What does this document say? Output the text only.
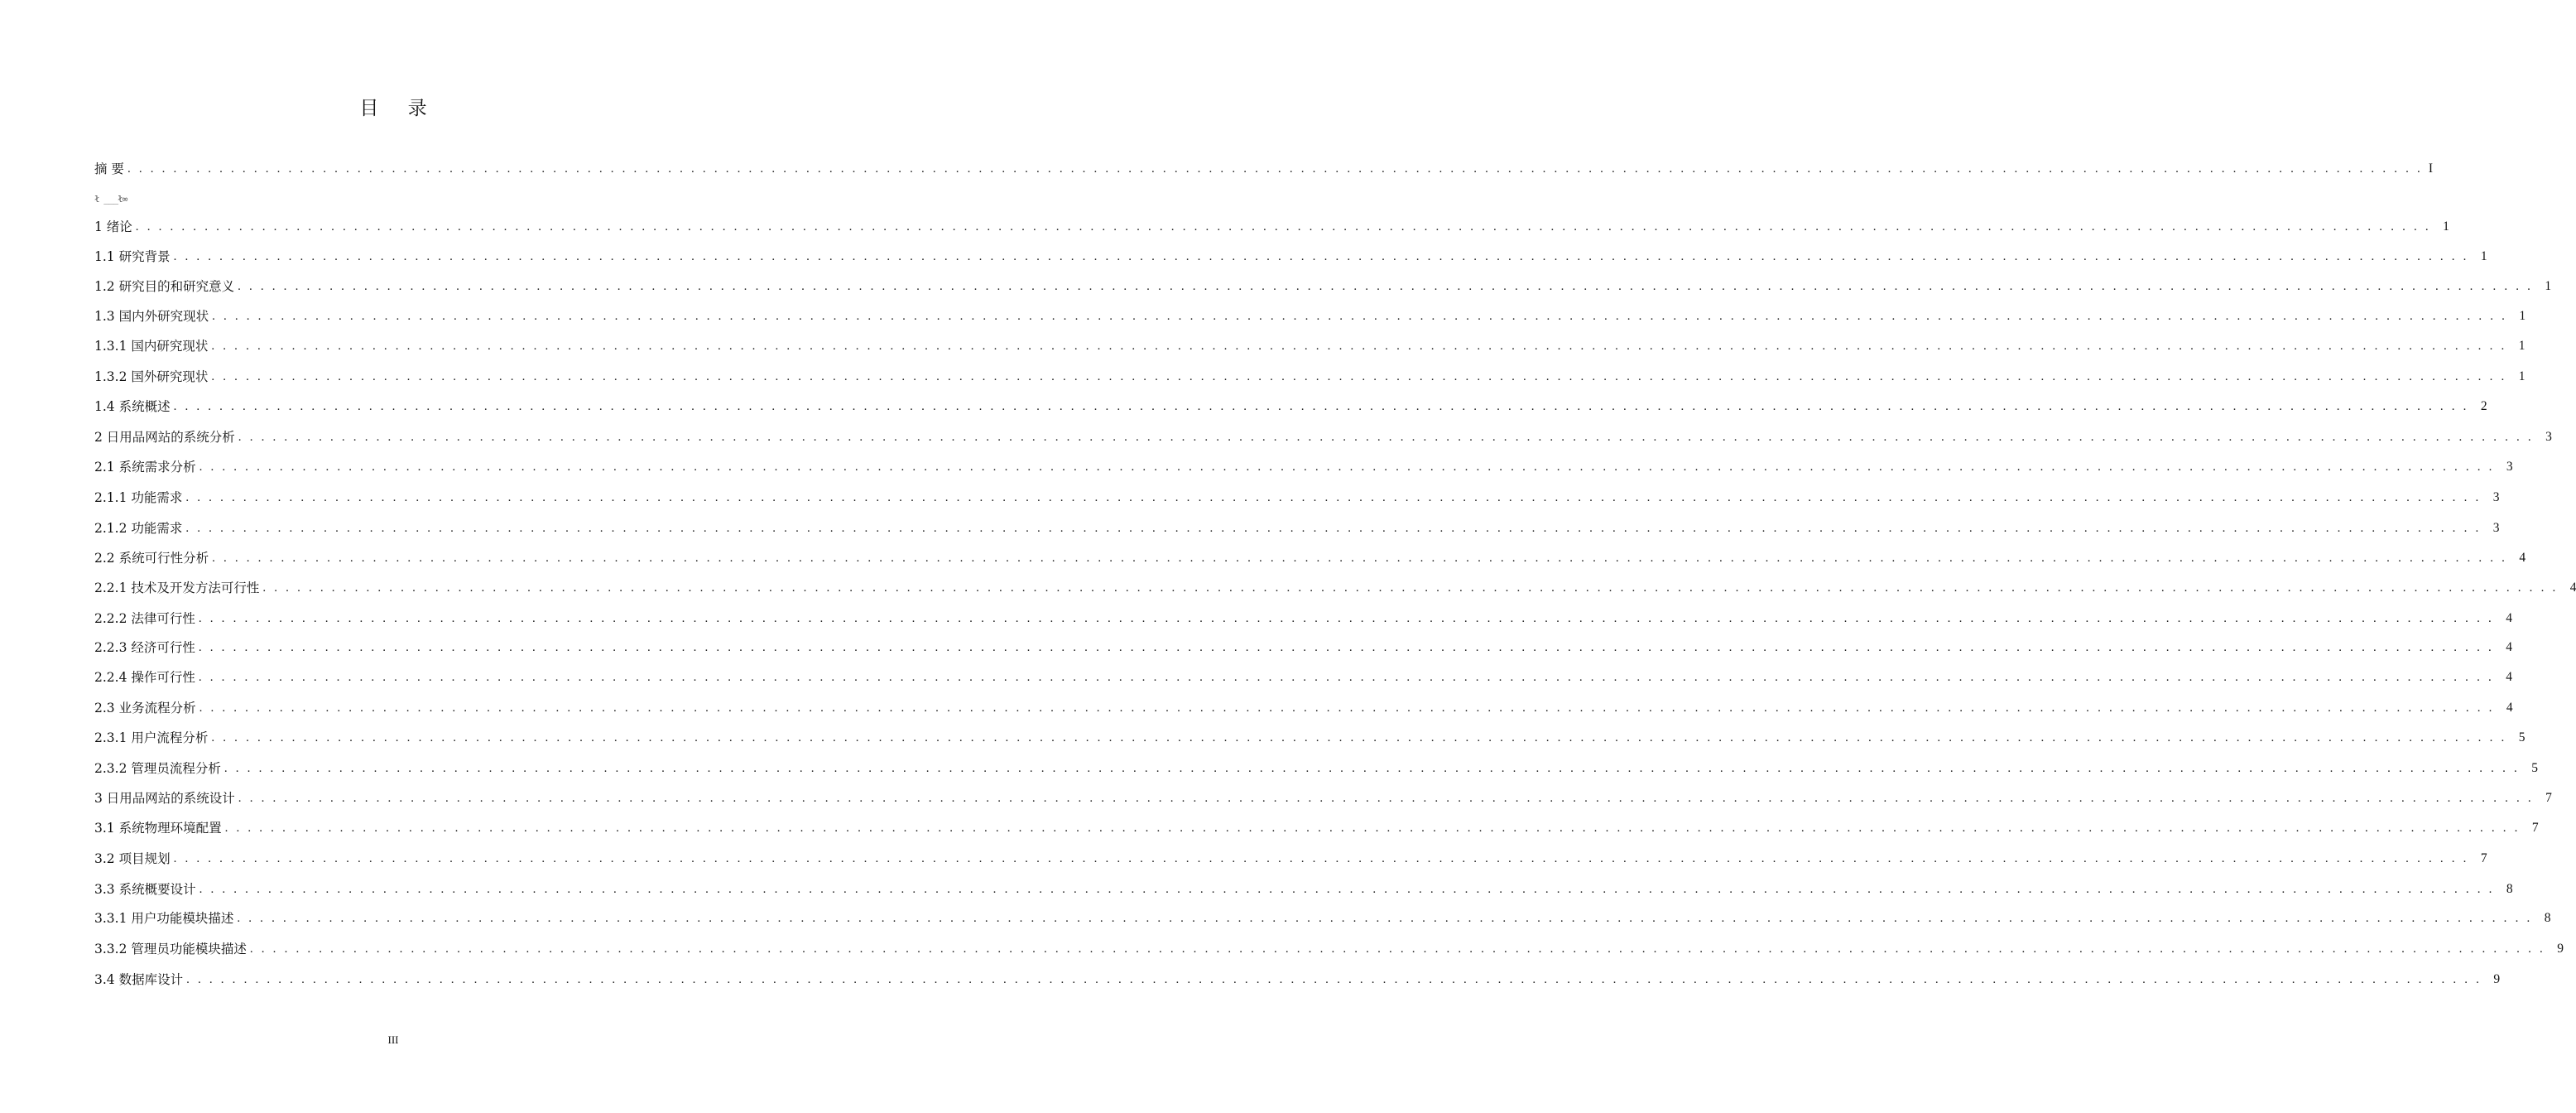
目 录
ł ___ł∞
摘 要 . . . . . . . . . . . . . . . . . . . . . . . . . . . . . . . . . . . . . . . . . . . . . . . . . . . . . . . . . . . . . . . . . . . . . . . . . . . . . . . . . . . . . . . . . . . . . . . . . . . . . . . . . . . . . . . . . . . . . . . . . . . . . . . . . . . . . . . . . . . . . . . . . . . . . . . . . . . . . . . . . . . . . . . . . . . . . . . . . . . . . . . . . . . . . . . . . . . . . . . . I
1 绪论 . . . . . . . . . . . . . . . . . . . . . . . . . . . . . . . . . . . . . . . . . . . . . . . . . . . . . . . . . . . . . . . . . . . . . . . . . . . . . . . . . . . . . . . . . . . . . . . . . . . . . . . . . . . . . . . . . . . . . . . . . . . . . . . . . . . . . . . . . . . . . . . . . . . . . . . . . . . . . . . . . . . . . . . . . . . . . . . . . . . . . . . . . . . . . . . . . . . . . . . . 1
1.1 研究背景 . . . . . . . . . . . . . . . . . . . . . . . . . . . . . . . . . . . . . . . . . . . . . . . . . . . . . . . . . . . . . . . . . . . . . . . . . . . . . . . . . . . . . . . . . . . . . . . . . . . . . . . . . . . . . . . . . . . . . . . . . . . . . . . . . . . . . . . . . . . . . . . . . . . . . . . . . . . . . . . . . . . . . . . . . . . . . . . . . . . . . . . . . . . . . . . . . . . . . . . . 1
1.2 研究目的和研究意义 . . . . . . . . . . . . . . . . . . . . . . . . . . . . . . . . . . . . . . . . . . . . . . . . . . . . . . . . . . . . . . . . . . . . . . . . . . . . . . . . . . . . . . . . . . . . . . . . . . . . . . . . . . . . . . . . . . . . . . . . . . . . . . . . . . . . . . . . . . . . . . . . . . . . . . . . . . . . . . . . . . . . . . . . . . . . . . . . . . . . . . . . . . . . . . . . . . . . . . . . 1
1.3 国内外研究现状 . . . . . . . . . . . . . . . . . . . . . . . . . . . . . . . . . . . . . . . . . . . . . . . . . . . . . . . . . . . . . . . . . . . . . . . . . . . . . . . . . . . . . . . . . . . . . . . . . . . . . . . . . . . . . . . . . . . . . . . . . . . . . . . . . . . . . . . . . . . . . . . . . . . . . . . . . . . . . . . . . . . . . . . . . . . . . . . . . . . . . . . . . . . . . . . . . . . . . . . . 1
1.3.1 国内研究现状 . . . . . . . . . . . . . . . . . . . . . . . . . . . . . . . . . . . . . . . . . . . . . . . . . . . . . . . . . . . . . . . . . . . . . . . . . . . . . . . . . . . . . . . . . . . . . . . . . . . . . . . . . . . . . . . . . . . . . . . . . . . . . . . . . . . . . . . . . . . . . . . . . . . . . . . . . . . . . . . . . . . . . . . . . . . . . . . . . . . . . . . . . . . . . . . . . . . . . . . . 1
1.3.2 国外研究现状 . . . . . . . . . . . . . . . . . . . . . . . . . . . . . . . . . . . . . . . . . . . . . . . . . . . . . . . . . . . . . . . . . . . . . . . . . . . . . . . . . . . . . . . . . . . . . . . . . . . . . . . . . . . . . . . . . . . . . . . . . . . . . . . . . . . . . . . . . . . . . . . . . . . . . . . . . . . . . . . . . . . . . . . . . . . . . . . . . . . . . . . . . . . . . . . . . . . . . . . . 1
1.4 系统概述 . . . . . . . . . . . . . . . . . . . . . . . . . . . . . . . . . . . . . . . . . . . . . . . . . . . . . . . . . . . . . . . . . . . . . . . . . . . . . . . . . . . . . . . . . . . . . . . . . . . . . . . . . . . . . . . . . . . . . . . . . . . . . . . . . . . . . . . . . . . . . . . . . . . . . . . . . . . . . . . . . . . . . . . . . . . . . . . . . . . . . . . . . . . . . . . . . . . . . . . . 2
2 日用品网站的系统分析 . . . . . . . . . . . . . . . . . . . . . . . . . . . . . . . . . . . . . . . . . . . . . . . . . . . . . . . . . . . . . . . . . . . . . . . . . . . . . . . . . . . . . . . . . . . . . . . . . . . . . . . . . . . . . . . . . . . . . . . . . . . . . . . . . . . . . . . . . . . . . . . . . . . . . . . . . . . . . . . . . . . . . . . . . . . . . . . . . . . . . . . . . . . . . . . . . . . . . . . . 3
2.1 系统需求分析 . . . . . . . . . . . . . . . . . . . . . . . . . . . . . . . . . . . . . . . . . . . . . . . . . . . . . . . . . . . . . . . . . . . . . . . . . . . . . . . . . . . . . . . . . . . . . . . . . . . . . . . . . . . . . . . . . . . . . . . . . . . . . . . . . . . . . . . . . . . . . . . . . . . . . . . . . . . . . . . . . . . . . . . . . . . . . . . . . . . . . . . . . . . . . . . . . . . . . . . . 3
2.1.1 功能需求 . . . . . . . . . . . . . . . . . . . . . . . . . . . . . . . . . . . . . . . . . . . . . . . . . . . . . . . . . . . . . . . . . . . . . . . . . . . . . . . . . . . . . . . . . . . . . . . . . . . . . . . . . . . . . . . . . . . . . . . . . . . . . . . . . . . . . . . . . . . . . . . . . . . . . . . . . . . . . . . . . . . . . . . . . . . . . . . . . . . . . . . . . . . . . . . . . . . . . . . . 3
2.1.2 功能需求 . . . . . . . . . . . . . . . . . . . . . . . . . . . . . . . . . . . . . . . . . . . . . . . . . . . . . . . . . . . . . . . . . . . . . . . . . . . . . . . . . . . . . . . . . . . . . . . . . . . . . . . . . . . . . . . . . . . . . . . . . . . . . . . . . . . . . . . . . . . . . . . . . . . . . . . . . . . . . . . . . . . . . . . . . . . . . . . . . . . . . . . . . . . . . . . . . . . . . . . . 3
2.2 系统可行性分析 . . . . . . . . . . . . . . . . . . . . . . . . . . . . . . . . . . . . . . . . . . . . . . . . . . . . . . . . . . . . . . . . . . . . . . . . . . . . . . . . . . . . . . . . . . . . . . . . . . . . . . . . . . . . . . . . . . . . . . . . . . . . . . . . . . . . . . . . . . . . . . . . . . . . . . . . . . . . . . . . . . . . . . . . . . . . . . . . . . . . . . . . . . . . . . . . . . . . . . . . 4
2.2.1 技术及开发方法可行性 . . . . . . . . . . . . . . . . . . . . . . . . . . . . . . . . . . . . . . . . . . . . . . . . . . . . . . . . . . . . . . . . . . . . . . . . . . . . . . . . . . . . . . . . . . . . . . . . . . . . . . . . . . . . . . . . . . . . . . . . . . . . . . . . . . . . . . . . . . . . . . . . . . . . . . . . . . . . . . . . . . . . . . . . . . . . . . . . . . . . . . . . . . . . . . . . . . . . . . . . 4
2.2.2 法律可行性 . . . . . . . . . . . . . . . . . . . . . . . . . . . . . . . . . . . . . . . . . . . . . . . . . . . . . . . . . . . . . . . . . . . . . . . . . . . . . . . . . . . . . . . . . . . . . . . . . . . . . . . . . . . . . . . . . . . . . . . . . . . . . . . . . . . . . . . . . . . . . . . . . . . . . . . . . . . . . . . . . . . . . . . . . . . . . . . . . . . . . . . . . . . . . . . . . . . . . . . . 4
2.2.3 经济可行性 . . . . . . . . . . . . . . . . . . . . . . . . . . . . . . . . . . . . . . . . . . . . . . . . . . . . . . . . . . . . . . . . . . . . . . . . . . . . . . . . . . . . . . . . . . . . . . . . . . . . . . . . . . . . . . . . . . . . . . . . . . . . . . . . . . . . . . . . . . . . . . . . . . . . . . . . . . . . . . . . . . . . . . . . . . . . . . . . . . . . . . . . . . . . . . . . . . . . . . . . 4
2.2.4 操作可行性 . . . . . . . . . . . . . . . . . . . . . . . . . . . . . . . . . . . . . . . . . . . . . . . . . . . . . . . . . . . . . . . . . . . . . . . . . . . . . . . . . . . . . . . . . . . . . . . . . . . . . . . . . . . . . . . . . . . . . . . . . . . . . . . . . . . . . . . . . . . . . . . . . . . . . . . . . . . . . . . . . . . . . . . . . . . . . . . . . . . . . . . . . . . . . . . . . . . . . . . . 4
2.3 业务流程分析 . . . . . . . . . . . . . . . . . . . . . . . . . . . . . . . . . . . . . . . . . . . . . . . . . . . . . . . . . . . . . . . . . . . . . . . . . . . . . . . . . . . . . . . . . . . . . . . . . . . . . . . . . . . . . . . . . . . . . . . . . . . . . . . . . . . . . . . . . . . . . . . . . . . . . . . . . . . . . . . . . . . . . . . . . . . . . . . . . . . . . . . . . . . . . . . . . . . . . . . . 4
2.3.1 用户流程分析 . . . . . . . . . . . . . . . . . . . . . . . . . . . . . . . . . . . . . . . . . . . . . . . . . . . . . . . . . . . . . . . . . . . . . . . . . . . . . . . . . . . . . . . . . . . . . . . . . . . . . . . . . . . . . . . . . . . . . . . . . . . . . . . . . . . . . . . . . . . . . . . . . . . . . . . . . . . . . . . . . . . . . . . . . . . . . . . . . . . . . . . . . . . . . . . . . . . . . . . . 5
2.3.2 管理员流程分析 . . . . . . . . . . . . . . . . . . . . . . . . . . . . . . . . . . . . . . . . . . . . . . . . . . . . . . . . . . . . . . . . . . . . . . . . . . . . . . . . . . . . . . . . . . . . . . . . . . . . . . . . . . . . . . . . . . . . . . . . . . . . . . . . . . . . . . . . . . . . . . . . . . . . . . . . . . . . . . . . . . . . . . . . . . . . . . . . . . . . . . . . . . . . . . . . . . . . . . . . 5
3 日用品网站的系统设计 . . . . . . . . . . . . . . . . . . . . . . . . . . . . . . . . . . . . . . . . . . . . . . . . . . . . . . . . . . . . . . . . . . . . . . . . . . . . . . . . . . . . . . . . . . . . . . . . . . . . . . . . . . . . . . . . . . . . . . . . . . . . . . . . . . . . . . . . . . . . . . . . . . . . . . . . . . . . . . . . . . . . . . . . . . . . . . . . . . . . . . . . . . . . . . . . . . . . . . . . 7
3.1 系统物理环境配置 . . . . . . . . . . . . . . . . . . . . . . . . . . . . . . . . . . . . . . . . . . . . . . . . . . . . . . . . . . . . . . . . . . . . . . . . . . . . . . . . . . . . . . . . . . . . . . . . . . . . . . . . . . . . . . . . . . . . . . . . . . . . . . . . . . . . . . . . . . . . . . . . . . . . . . . . . . . . . . . . . . . . . . . . . . . . . . . . . . . . . . . . . . . . . . . . . . . . . . . . 7
3.2 项目规划 . . . . . . . . . . . . . . . . . . . . . . . . . . . . . . . . . . . . . . . . . . . . . . . . . . . . . . . . . . . . . . . . . . . . . . . . . . . . . . . . . . . . . . . . . . . . . . . . . . . . . . . . . . . . . . . . . . . . . . . . . . . . . . . . . . . . . . . . . . . . . . . . . . . . . . . . . . . . . . . . . . . . . . . . . . . . . . . . . . . . . . . . . . . . . . . . . . . . . . . . 7
3.3 系统概要设计 . . . . . . . . . . . . . . . . . . . . . . . . . . . . . . . . . . . . . . . . . . . . . . . . . . . . . . . . . . . . . . . . . . . . . . . . . . . . . . . . . . . . . . . . . . . . . . . . . . . . . . . . . . . . . . . . . . . . . . . . . . . . . . . . . . . . . . . . . . . . . . . . . . . . . . . . . . . . . . . . . . . . . . . . . . . . . . . . . . . . . . . . . . . . . . . . . . . . . . . . 8
3.3.1 用户功能模块描述 . . . . . . . . . . . . . . . . . . . . . . . . . . . . . . . . . . . . . . . . . . . . . . . . . . . . . . . . . . . . . . . . . . . . . . . . . . . . . . . . . . . . . . . . . . . . . . . . . . . . . . . . . . . . . . . . . . . . . . . . . . . . . . . . . . . . . . . . . . . . . . . . . . . . . . . . . . . . . . . . . . . . . . . . . . . . . . . . . . . . . . . . . . . . . . . . . . . . . . . . 8
3.3.2 管理员功能模块描述 . . . . . . . . . . . . . . . . . . . . . . . . . . . . . . . . . . . . . . . . . . . . . . . . . . . . . . . . . . . . . . . . . . . . . . . . . . . . . . . . . . . . . . . . . . . . . . . . . . . . . . . . . . . . . . . . . . . . . . . . . . . . . . . . . . . . . . . . . . . . . . . . . . . . . . . . . . . . . . . . . . . . . . . . . . . . . . . . . . . . . . . . . . . . . . . . . . . . . . . . 9
3.4 数据库设计 . . . . . . . . . . . . . . . . . . . . . . . . . . . . . . . . . . . . . . . . . . . . . . . . . . . . . . . . . . . . . . . . . . . . . . . . . . . . . . . . . . . . . . . . . . . . . . . . . . . . . . . . . . . . . . . . . . . . . . . . . . . . . . . . . . . . . . . . . . . . . . . . . . . . . . . . . . . . . . . . . . . . . . . . . . . . . . . . . . . . . . . . . . . . . . . . . . . . . . . . 9
III
